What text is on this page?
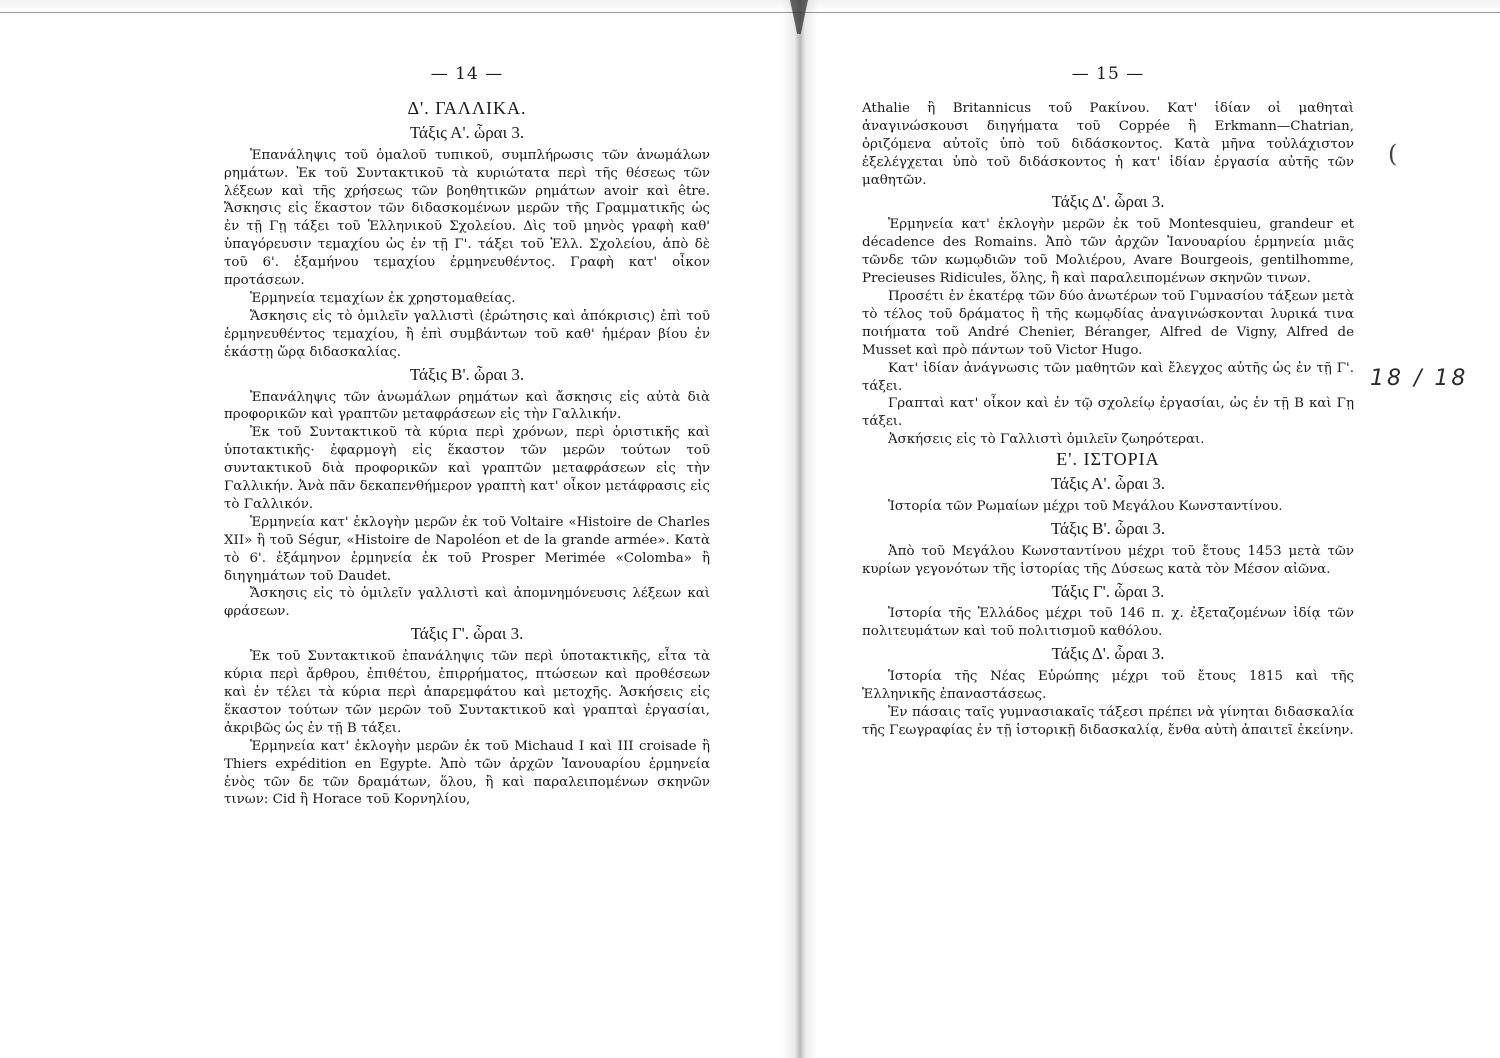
— 14 —
Δ'. ΓΑΛΛΙΚΑ.
Τάξις Α'. ὧραι 3.

Ἐπανάληψις τοῦ ὁμαλοῦ τυπικοῦ, συμπλήρωσις τῶν ἀνωμάλων ρημάτων. Ἐκ τοῦ Συντακτικοῦ τὰ κυριώτατα περὶ τῆς θέσεως τῶν λέξεων καὶ τῆς χρήσεως τῶν βοηθητικῶν ρημάτων avoir καὶ être. Ἄσκησις εἰς ἕκαστον τῶν διδασκομένων μερῶν τῆς Γραμματικῆς ὡς ἐν τῇ Γῃ τάξει τοῦ Ἑλληνικοῦ Σχολείου. Δὶς τοῦ μηνὸς γραφὴ καθ' ὑπαγόρευσιν τεμαχίου ὡς ἐν τῇ Γ'. τάξει τοῦ Ἑλλ. Σχολείου, ἀπὸ δὲ τοῦ 6'. ἑξαμήνου τεμαχίου ἑρμηνευθέντος. Γραφὴ κατ' οἶκον προτάσεων.

Ἑρμηνεία τεμαχίων ἐκ χρηστομαθείας.

Ἄσκησις εἰς τὸ ὁμιλεῖν γαλλιστὶ (ἐρώτησις καὶ ἀπόκρισις) ἐπὶ τοῦ ἑρμηνευθέντος τεμαχίου, ἢ ἐπὶ συμβάντων τοῦ καθ' ἡμέραν βίου ἐν ἑκάστῃ ὥρᾳ διδασκαλίας.

Τάξις Β'. ὧραι 3.

Ἐπανάληψις τῶν ἀνωμάλων ρημάτων καὶ ἄσκησις εἰς αὐτὰ διὰ προφορικῶν καὶ γραπτῶν μεταφράσεων εἰς τὴν Γαλλικήν.

Ἐκ τοῦ Συντακτικοῦ τὰ κύρια περὶ χρόνων, περὶ ὁριστικῆς καὶ ὑποτακτικῆς· ἐφαρμογὴ εἰς ἕκαστον τῶν μερῶν τούτων τοῦ συντακτικοῦ διὰ προφορικῶν καὶ γραπτῶν μεταφράσεων εἰς τὴν Γαλλικήν. Ἀνὰ πᾶν δεκαπενθήμερον γραπτὴ κατ' οἶκον μετάφρασις εἰς τὸ Γαλλικόν.

Ἑρμηνεία κατ' ἐκλογὴν μερῶν ἐκ τοῦ Voltaire «Histoire de Charles XII» ἢ τοῦ Ségur, «Histoire de Napoléon et de la grande armée». Κατὰ τὸ 6'. ἑξάμηνον ἑρμηνεία ἐκ τοῦ Prosper Merimée «Colomba» ἢ διηγημάτων τοῦ Daudet.

Ἄσκησις εἰς τὸ ὁμιλεῖν γαλλιστὶ καὶ ἀπομνημόνευσις λέξεων καὶ φράσεων.

Τάξις Γ'. ὧραι 3.

Ἐκ τοῦ Συντακτικοῦ ἐπανάληψις τῶν περὶ ὑποτακτικῆς, εἶτα τὰ κύρια περὶ ἄρθρου, ἐπιθέτου, ἐπιρρήματος, πτώσεων καὶ προθέσεων καὶ ἐν τέλει τὰ κύρια περὶ ἀπαρεμφάτου καὶ μετοχῆς. Ἀσκήσεις εἰς ἕκαστον τούτων τῶν μερῶν τοῦ Συντακτικοῦ καὶ γραπταὶ ἐργασίαι, ἀκριβῶς ὡς ἐν τῇ Β τάξει.

Ἑρμηνεία κατ' ἐκλογὴν μερῶν ἐκ τοῦ Michaud I καὶ III croisade ἢ Thiers expédition en Egypte. Ἀπὸ τῶν ἀρχῶν Ἰανουαρίου ἑρμηνεία ἑνὸς τῶν δε τῶν δραμάτων, ὅλου, ἢ καὶ παραλειπομένων σκηνῶν τινων: Cid ἢ Horace τοῦ Κορνηλίου,

— 15 —

Athalie ἢ Britannicus τοῦ Ρακίνου. Κατ' ἰδίαν οἱ μαθηταὶ ἀναγινώσκουσι διηγήματα τοῦ Coppée ἢ Erkmann—Chatrian, ὁριζόμενα αὐτοῖς ὑπὸ τοῦ διδάσκοντος. Κατὰ μῆνα τοὐλάχιστον ἐξελέγχεται ὑπὸ τοῦ διδάσκοντος ἡ κατ' ἰδίαν ἐργασία αὐτῆς τῶν μαθητῶν.

Τάξις Δ'. ὧραι 3.

Ἑρμηνεία κατ' ἐκλογὴν μερῶν ἐκ τοῦ Montesquieu, grandeur et décadence des Romains. Ἀπὸ τῶν ἀρχῶν Ἰανουαρίου ἑρμηνεία μιᾶς τῶνδε τῶν κωμῳδιῶν τοῦ Μολιέρου, Avare Bourgeois, gentilhomme, Precieuses Ridicules, ὅλης, ἢ καὶ παραλειπομένων σκηνῶν τινων.

Προσέτι ἐν ἑκατέρᾳ τῶν δύο ἀνωτέρων τοῦ Γυμνασίου τάξεων μετὰ τὸ τέλος τοῦ δράματος ἢ τῆς κωμῳδίας ἀναγινώσκονται λυρικά τινα ποιήματα τοῦ André Chenier, Béranger, Alfred de Vigny, Alfred de Musset καὶ πρὸ πάντων τοῦ Victor Hugo.

Κατ' ἰδίαν ἀνάγνωσις τῶν μαθητῶν καὶ ἔλεγχος αὐτῆς ὡς ἐν τῇ Γ'. τάξει.

Γραπταὶ κατ' οἶκον καὶ ἐν τῷ σχολείῳ ἐργασίαι, ὡς ἐν τῇ Β καὶ Γῃ τάξει.

Ἀσκήσεις εἰς τὸ Γαλλιστὶ ὁμιλεῖν ζωηρότεραι.

Ε'. ΙΣΤΟΡΙΑ
Τάξις Α'. ὧραι 3.

Ἱστορία τῶν Ρωμαίων μέχρι τοῦ Μεγάλου Κωνσταντίνου.

Τάξις Β'. ὧραι 3.

Ἀπὸ τοῦ Μεγάλου Κωνσταντίνου μέχρι τοῦ ἔτους 1453 μετὰ τῶν κυρίων γεγονότων τῆς ἱστορίας τῆς Δύσεως κατὰ τὸν Μέσον αἰῶνα.

Τάξις Γ'. ὧραι 3.

Ἱστορία τῆς Ἑλλάδος μέχρι τοῦ 146 π. χ. ἐξεταζομένων ἰδίᾳ τῶν πολιτευμάτων καὶ τοῦ πολιτισμοῦ καθόλου.

Τάξις Δ'. ὧραι 3.

Ἱστορία τῆς Νέας Εὐρώπης μέχρι τοῦ ἔτους 1815 καὶ τῆς Ἑλληνικῆς ἐπαναστάσεως.

Ἐν πάσαις ταῖς γυμνασιακαῖς τάξεσι πρέπει νὰ γίνηται διδασκαλία τῆς Γεωγραφίας ἐν τῇ ἱστορικῇ διδασκαλίᾳ, ἔνθα αὐτὴ ἀπαιτεῖ ἐκείνην.

(
18 / 18
